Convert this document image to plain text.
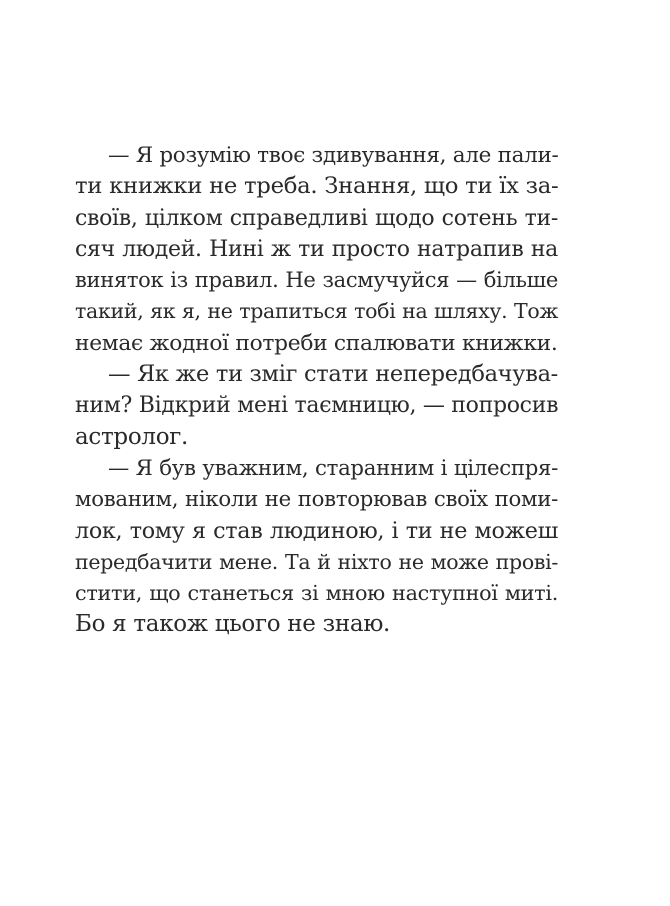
— Я розумію твоє здивування, але пали-
ти книжки не треба. Знання, що ти їх за-
своїв, цілком справедливі щодо сотень ти-
сяч людей. Нині ж ти просто натрапив на
виняток із правил. Не засмучуйся — більше
такий, як я, не трапиться тобі на шляху. Тож
немає жодної потреби спалювати книжки.
— Як же ти зміг стати непередбачува-
ним? Відкрий мені таємницю, — попросив
астролог.
— Я був уважним, старанним і цілеспря-
мованим, ніколи не повторював своїх поми-
лок, тому я став людиною, і ти не можеш
передбачити мене. Та й ніхто не може прові-
стити, що станеться зі мною наступної миті.
Бо я також цього не знаю.
